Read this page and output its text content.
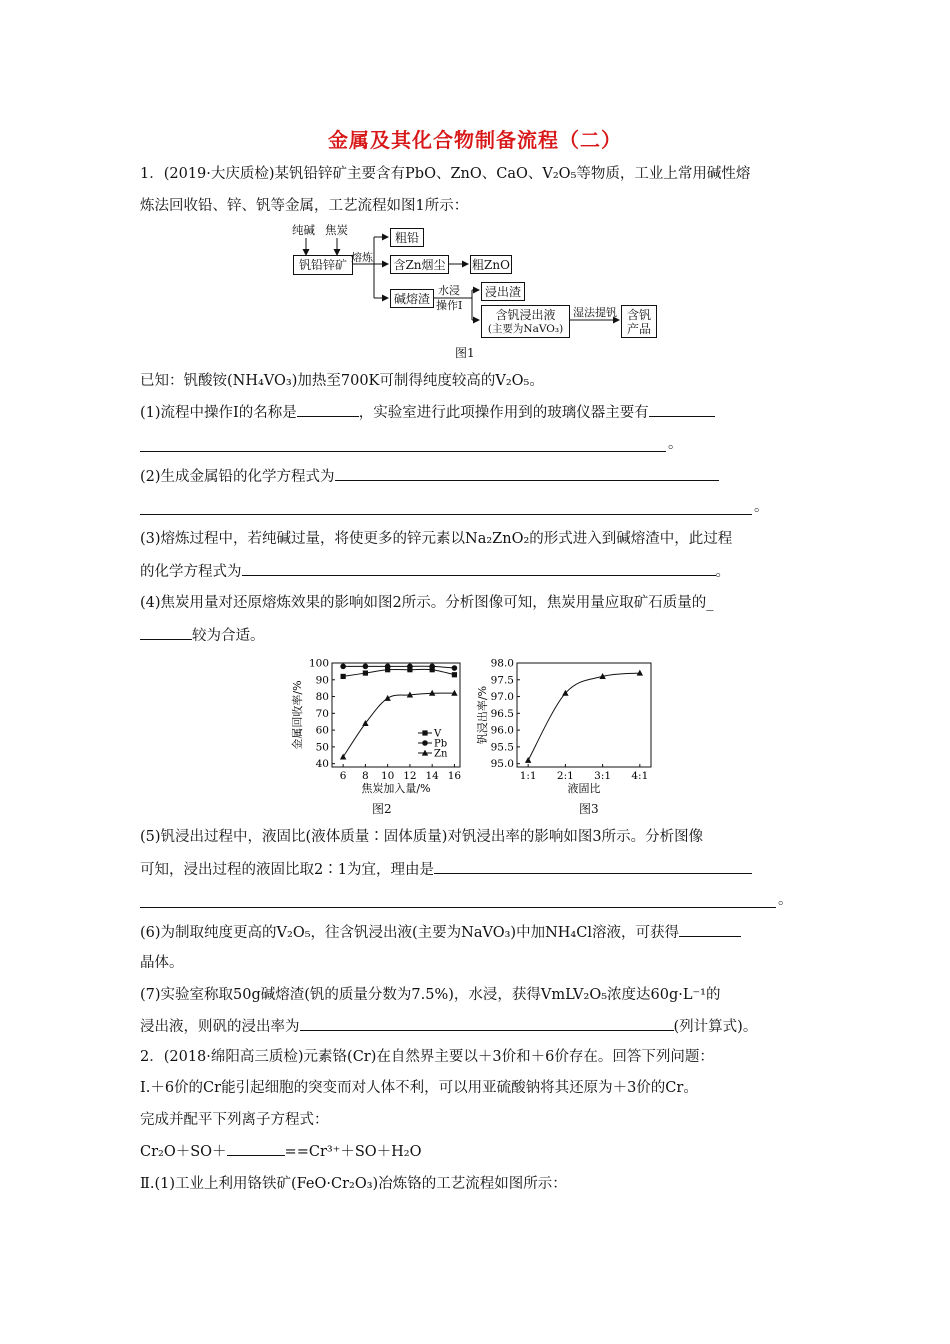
金属及其化合物制备流程（二）
1．(2019·大庆质检)某钒铅锌矿主要含有PbO、ZnO、CaO、V₂O₅等物质，工业上常用碱性熔
炼法回收铅、锌、钒等金属，工艺流程如图1所示：
纯碱 焦炭
钒铅锌矿
熔炼
粗铅
含Zn烟尘 粗ZnO
碱熔渣
水浸
操作Ⅰ
浸出渣
含钒浸出液
(主要为NaVO₃)
湿法提钒 含钒
产品
图1
已知：钒酸铵(NH₄VO₃)加热至700K可制得纯度较高的V₂O₅。
(1)流程中操作Ⅰ的名称是	，实验室进行此项操作用到的玻璃仪器主要有
。
(2)生成金属铅的化学方程式为
。
(3)熔炼过程中，若纯碱过量，将使更多的锌元素以Na₂ZnO₂的形式进入到碱熔渣中，此过程
的化学方程式为	。
(4)焦炭用量对还原熔炼效果的影响如图2所示。分析图像可知，焦炭用量应取矿石质量的_
较为合适。
40
50
60
70
80
90
100
6 8 10 12 14 16
焦炭加入量/%
金属回收率/%	V
Pb
Zn
图2
95.0
95.5
96.0
96.5
97.0
97.5
98.0
1:1 2:1 3:1 4:1
液固比
钒浸出率/%
图3
(5)钒浸出过程中，液固比(液体质量∶固体质量)对钒浸出率的影响如图3所示。分析图像
可知，浸出过程的液固比取2∶1为宜，理由是
。
(6)为制取纯度更高的V₂O₅，往含钒浸出液(主要为NaVO₃)中加NH₄Cl溶液，可获得
晶体。
(7)实验室称取50g碱熔渣(钒的质量分数为7.5%)，水浸，获得VmLV₂O₅浓度达60g·L⁻¹的
浸出液，则矾的浸出率为	(列计算式)。
2．(2018·绵阳高三质检)元素铬(Cr)在自然界主要以＋3价和＋6价存在。回答下列问题：
Ⅰ.＋6价的Cr能引起细胞的突变而对人体不利，可以用亚硫酸钠将其还原为＋3价的Cr。
完成并配平下列离子方程式：
Cr₂O＋SO＋	==Cr³⁺＋SO＋H₂O
Ⅱ.(1)工业上利用铬铁矿(FeO·Cr₂O₃)冶炼铬的工艺流程如图所示：
